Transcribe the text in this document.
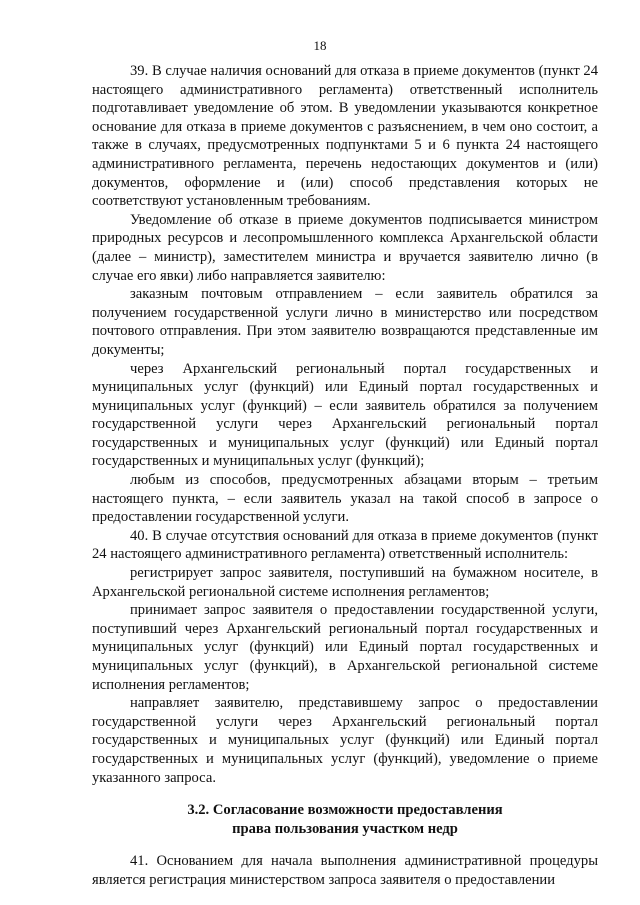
18

39. В случае наличия оснований для отказа в приеме документов (пункт 24 настоящего административного регламента) ответственный исполнитель подготавливает уведомление об этом. В уведомлении указываются конкретное основание для отказа в приеме документов с разъяснением, в чем оно состоит, а также в случаях, предусмотренных подпунктами 5 и 6 пункта 24 настоящего административного регламента, перечень недостающих документов и (или) документов, оформление и (или) способ представления которых не соответствуют установленным требованиям.

Уведомление об отказе в приеме документов подписывается министром природных ресурсов и лесопромышленного комплекса Архангельской области (далее – министр), заместителем министра и вручается заявителю лично (в случае его явки) либо направляется заявителю:

заказным почтовым отправлением – если заявитель обратился за получением государственной услуги лично в министерство или посредством почтового отправления. При этом заявителю возвращаются представленные им документы;

через Архангельский региональный портал государственных и муниципальных услуг (функций) или Единый портал государственных и муниципальных услуг (функций) – если заявитель обратился за получением государственной услуги через Архангельский региональный портал государственных и муниципальных услуг (функций) или Единый портал государственных и муниципальных услуг (функций);

любым из способов, предусмотренных абзацами вторым – третьим настоящего пункта, – если заявитель указал на такой способ в запросе о предоставлении государственной услуги.

40. В случае отсутствия оснований для отказа в приеме документов (пункт 24 настоящего административного регламента) ответственный исполнитель:

регистрирует запрос заявителя, поступивший на бумажном носителе, в Архангельской региональной системе исполнения регламентов;

принимает запрос заявителя о предоставлении государственной услуги, поступивший через Архангельский региональный портал государственных и муниципальных услуг (функций) или Единый портал государственных и муниципальных услуг (функций), в Архангельской региональной системе исполнения регламентов;

направляет заявителю, представившему запрос о предоставлении государственной услуги через Архангельский региональный портал государственных и муниципальных услуг (функций) или Единый портал государственных и муниципальных услуг (функций), уведомление о приеме указанного запроса.

3.2. Согласование возможности предоставления
права пользования участком недр

41. Основанием для начала выполнения административной процедуры является регистрация министерством запроса заявителя о предоставлении
